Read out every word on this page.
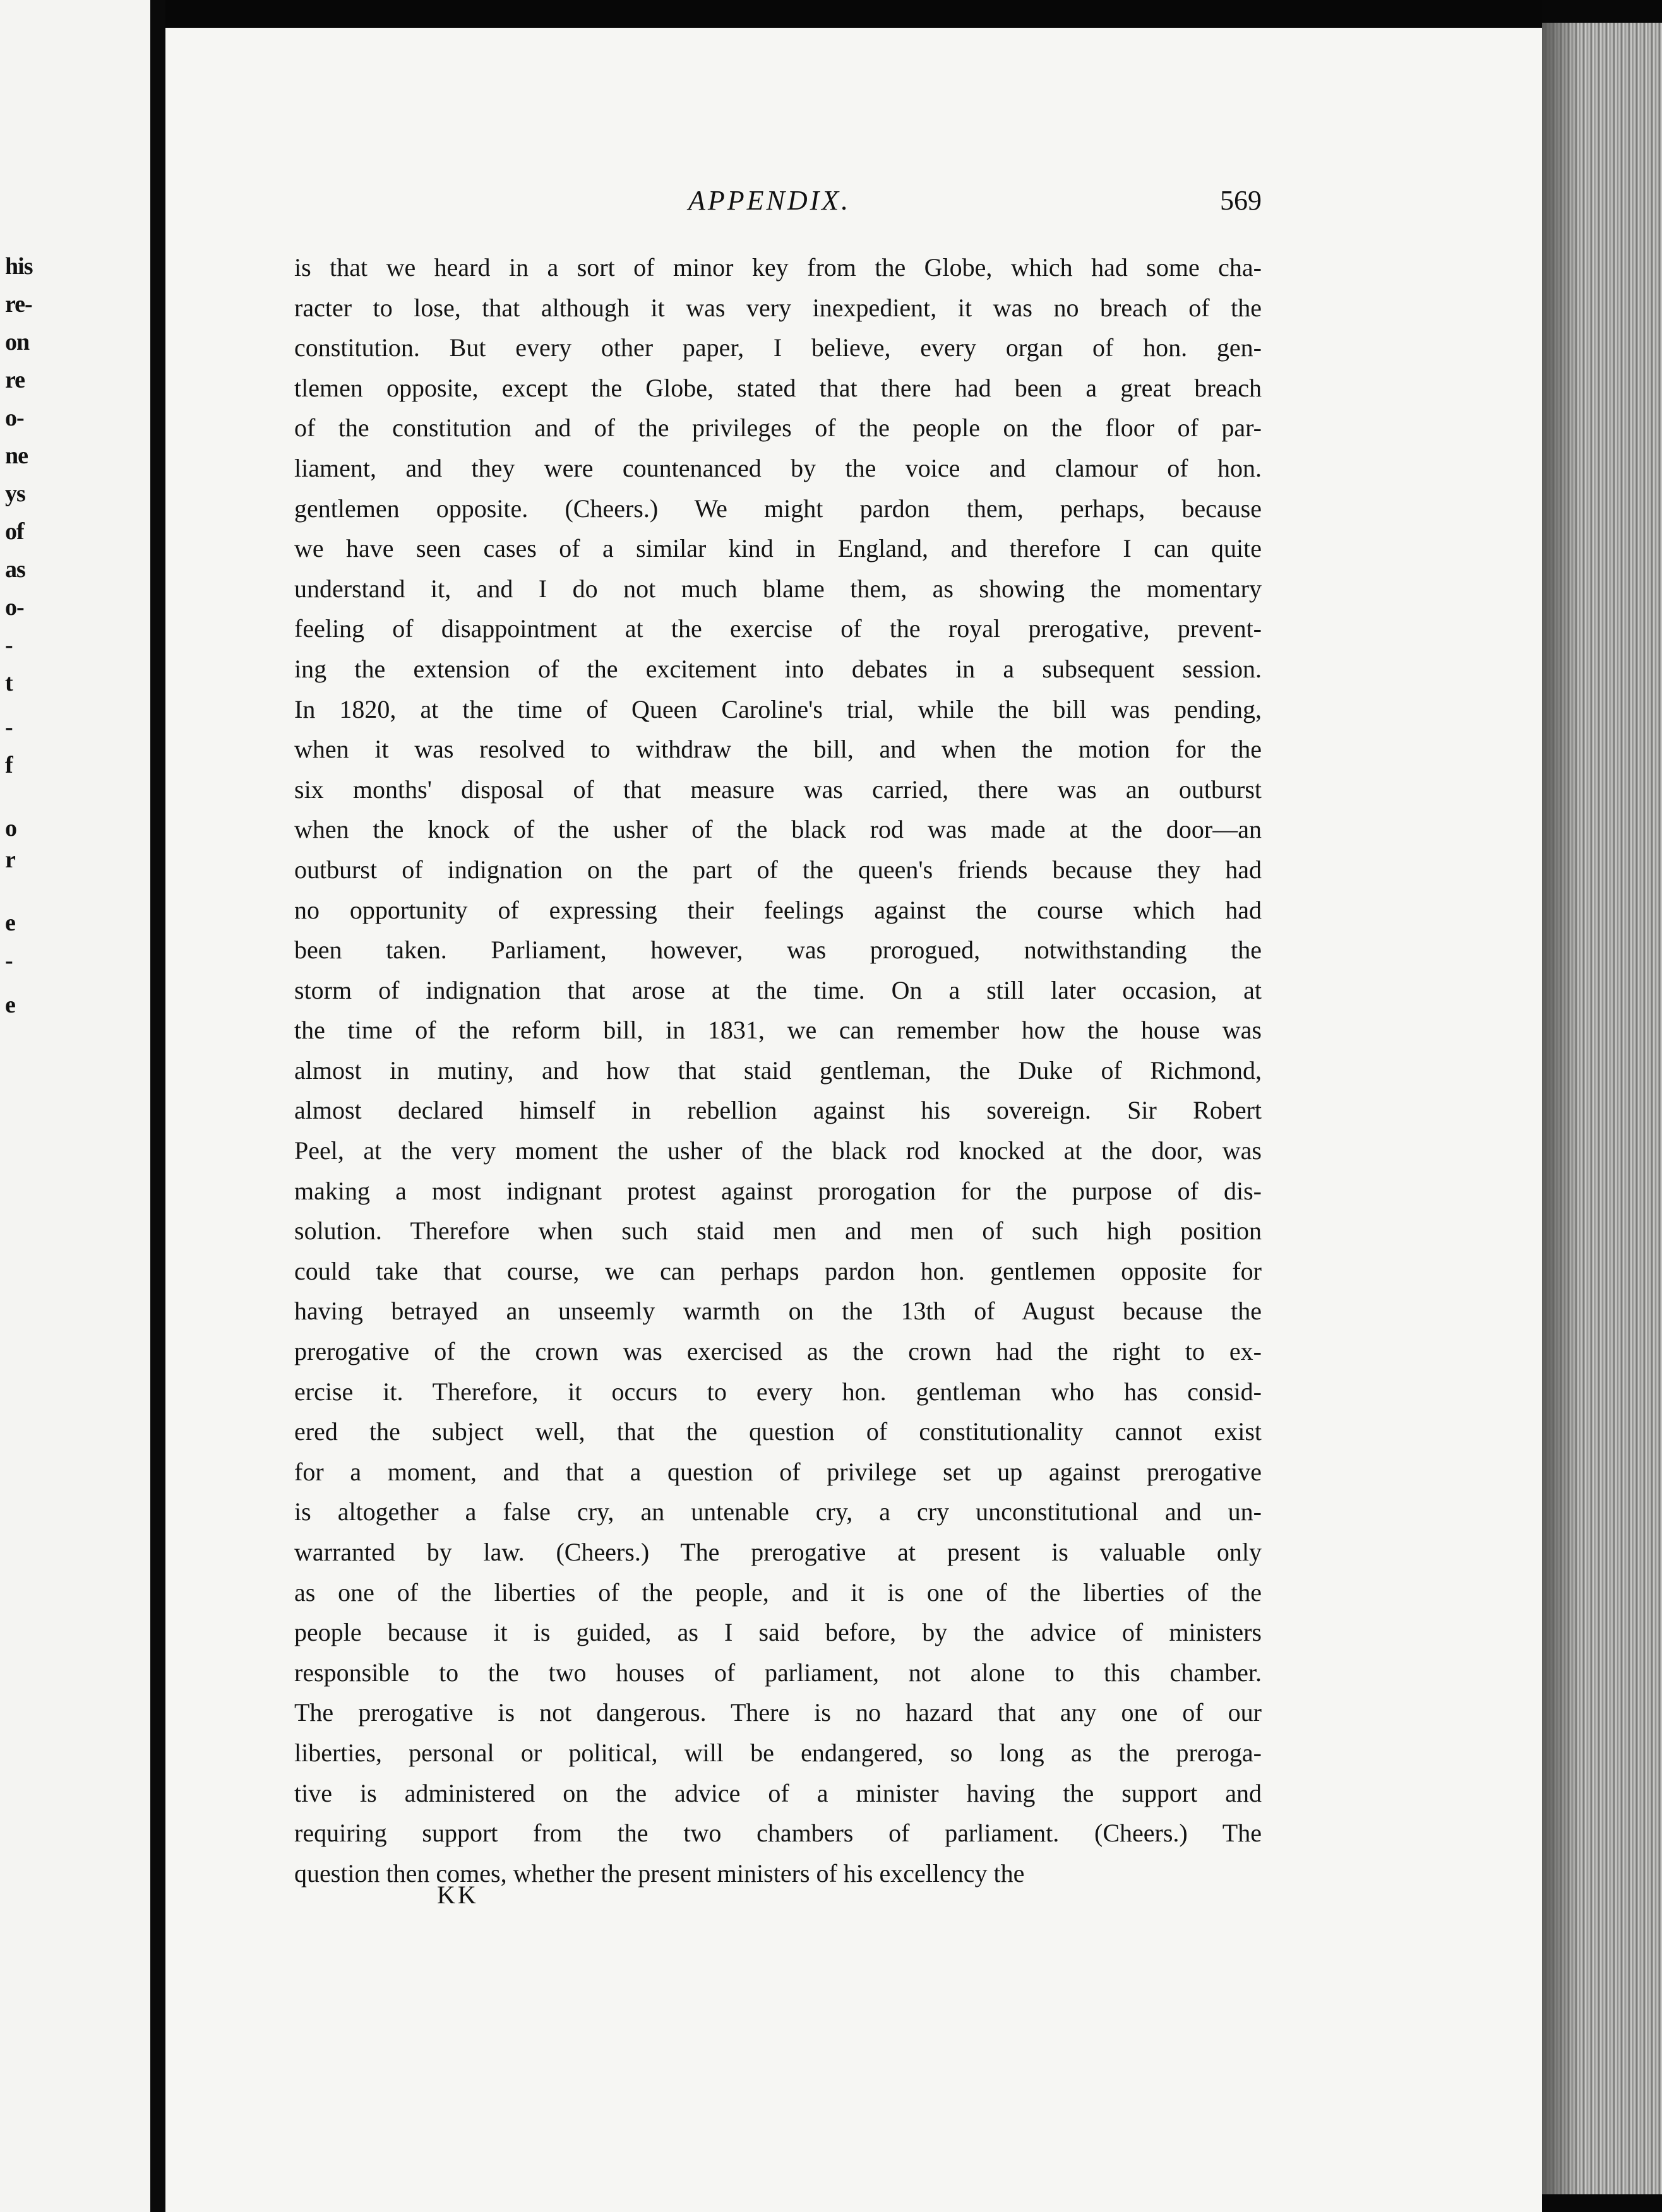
his
re-
on
re
o-
ne
ys
of
as
o-
-
t
-
f
o
r
e
-
e
APPENDIX.	569
is that we heard in a sort of minor key from the Globe, which had some cha-
racter to lose, that although it was very inexpedient, it was no breach of the
constitution. But every other paper, I believe, every organ of hon. gen-
tlemen opposite, except the Globe, stated that there had been a great breach
of the constitution and of the privileges of the people on the floor of par-
liament, and they were countenanced by the voice and clamour of hon.
gentlemen opposite. (Cheers.) We might pardon them, perhaps, because
we have seen cases of a similar kind in England, and therefore I can quite
understand it, and I do not much blame them, as showing the momentary
feeling of disappointment at the exercise of the royal prerogative, prevent-
ing the extension of the excitement into debates in a subsequent session.
In 1820, at the time of Queen Caroline's trial, while the bill was pending,
when it was resolved to withdraw the bill, and when the motion for the
six months' disposal of that measure was carried, there was an outburst
when the knock of the usher of the black rod was made at the door—an
outburst of indignation on the part of the queen's friends because they had
no opportunity of expressing their feelings against the course which had
been taken. Parliament, however, was prorogued, notwithstanding the
storm of indignation that arose at the time. On a still later occasion, at
the time of the reform bill, in 1831, we can remember how the house was
almost in mutiny, and how that staid gentleman, the Duke of Richmond,
almost declared himself in rebellion against his sovereign. Sir Robert
Peel, at the very moment the usher of the black rod knocked at the door, was
making a most indignant protest against prorogation for the purpose of dis-
solution. Therefore when such staid men and men of such high position
could take that course, we can perhaps pardon hon. gentlemen opposite for
having betrayed an unseemly warmth on the 13th of August because the
prerogative of the crown was exercised as the crown had the right to ex-
ercise it. Therefore, it occurs to every hon. gentleman who has consid-
ered the subject well, that the question of constitutionality cannot exist
for a moment, and that a question of privilege set up against prerogative
is altogether a false cry, an untenable cry, a cry unconstitutional and un-
warranted by law. (Cheers.) The prerogative at present is valuable only
as one of the liberties of the people, and it is one of the liberties of the
people because it is guided, as I said before, by the advice of ministers
responsible to the two houses of parliament, not alone to this chamber.
The prerogative is not dangerous. There is no hazard that any one of our
liberties, personal or political, will be endangered, so long as the preroga-
tive is administered on the advice of a minister having the support and
requiring support from the two chambers of parliament. (Cheers.) The
question then comes, whether the present ministers of his excellency the
KK
